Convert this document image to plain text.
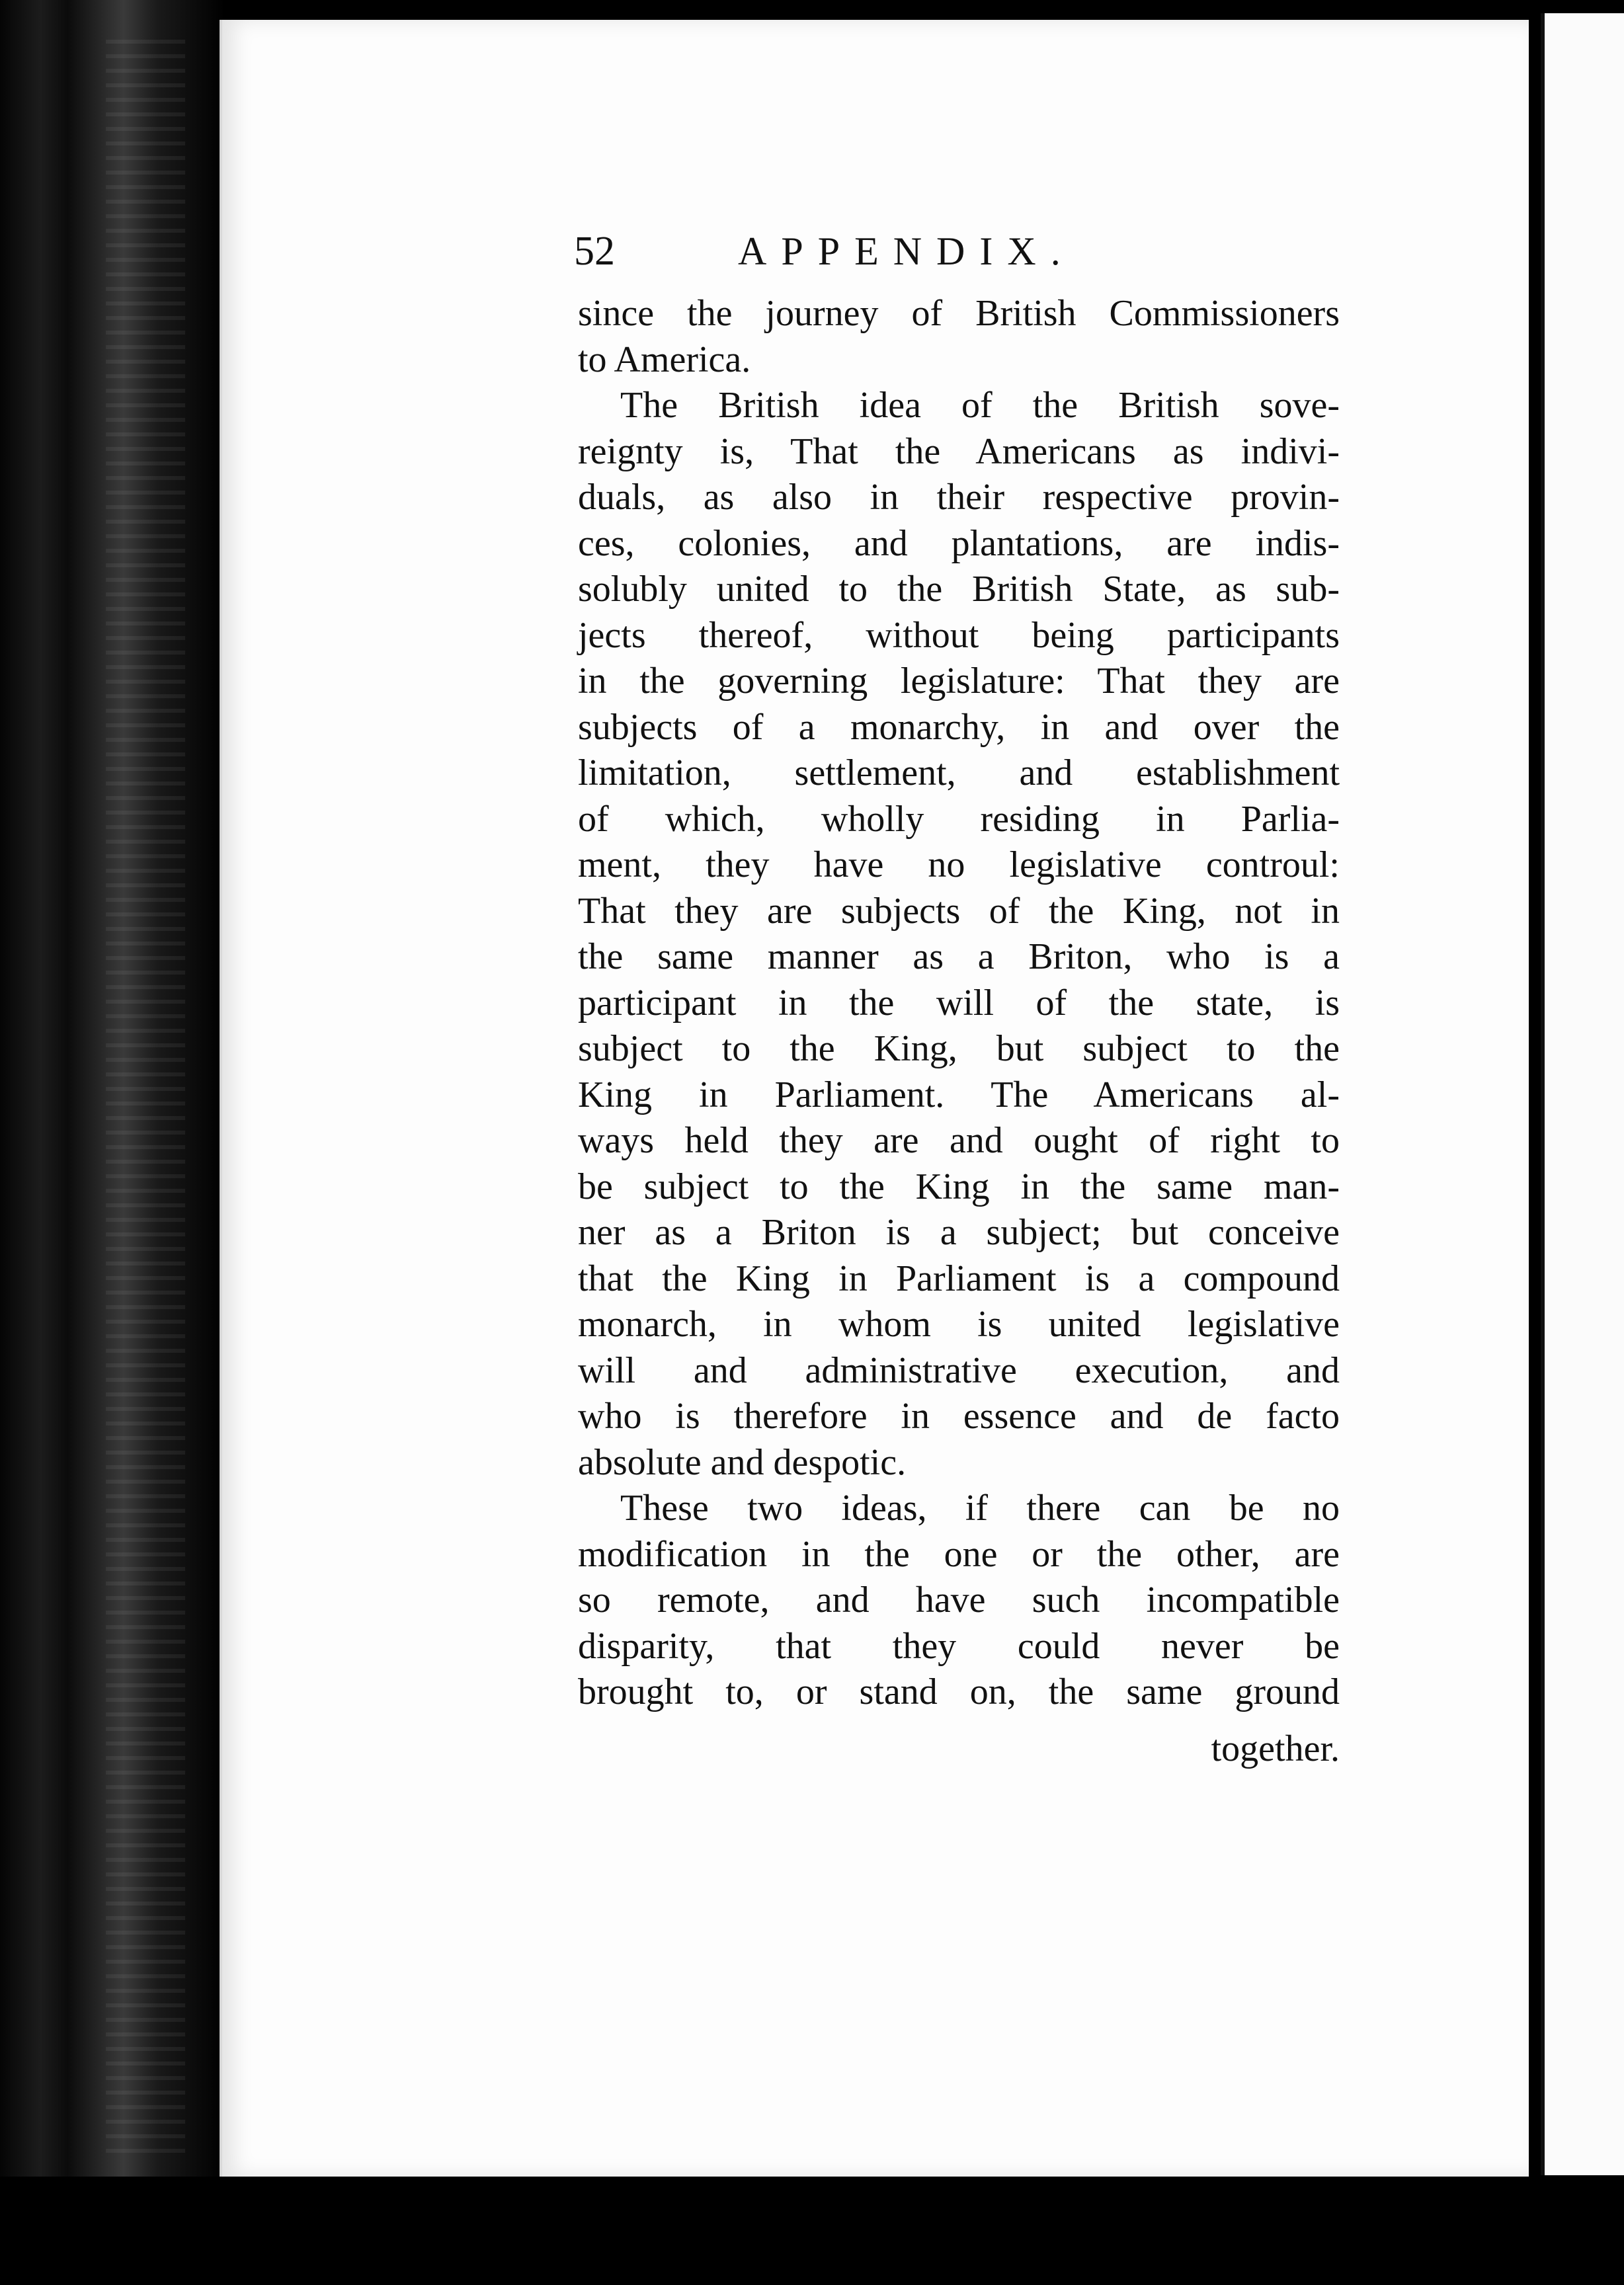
52	APPENDIX.
since the journey of British Commissioners
to America.
The British idea of the British sove-
reignty is, That the Americans as indivi-
duals, as also in their respective provin-
ces, colonies, and plantations, are indis-
solubly united to the British State, as sub-
jects thereof, without being participants
in the governing legislature: That they are
subjects of a monarchy, in and over the
limitation, settlement, and establishment
of which, wholly residing in Parlia-
ment, they have no legislative controul:
That they are subjects of the King, not in
the same manner as a Briton, who is a
participant in the will of the state, is
subject to the King, but subject to the
King in Parliament. The Americans al-
ways held they are and ought of right to
be subject to the King in the same man-
ner as a Briton is a subject; but conceive
that the King in Parliament is a compound
monarch, in whom is united legislative
will and administrative execution, and
who is therefore in essence and de facto
absolute and despotic.
These two ideas, if there can be no
modification in the one or the other, are
so remote, and have such incompatible
disparity, that they could never be
brought to, or stand on, the same ground
together.
